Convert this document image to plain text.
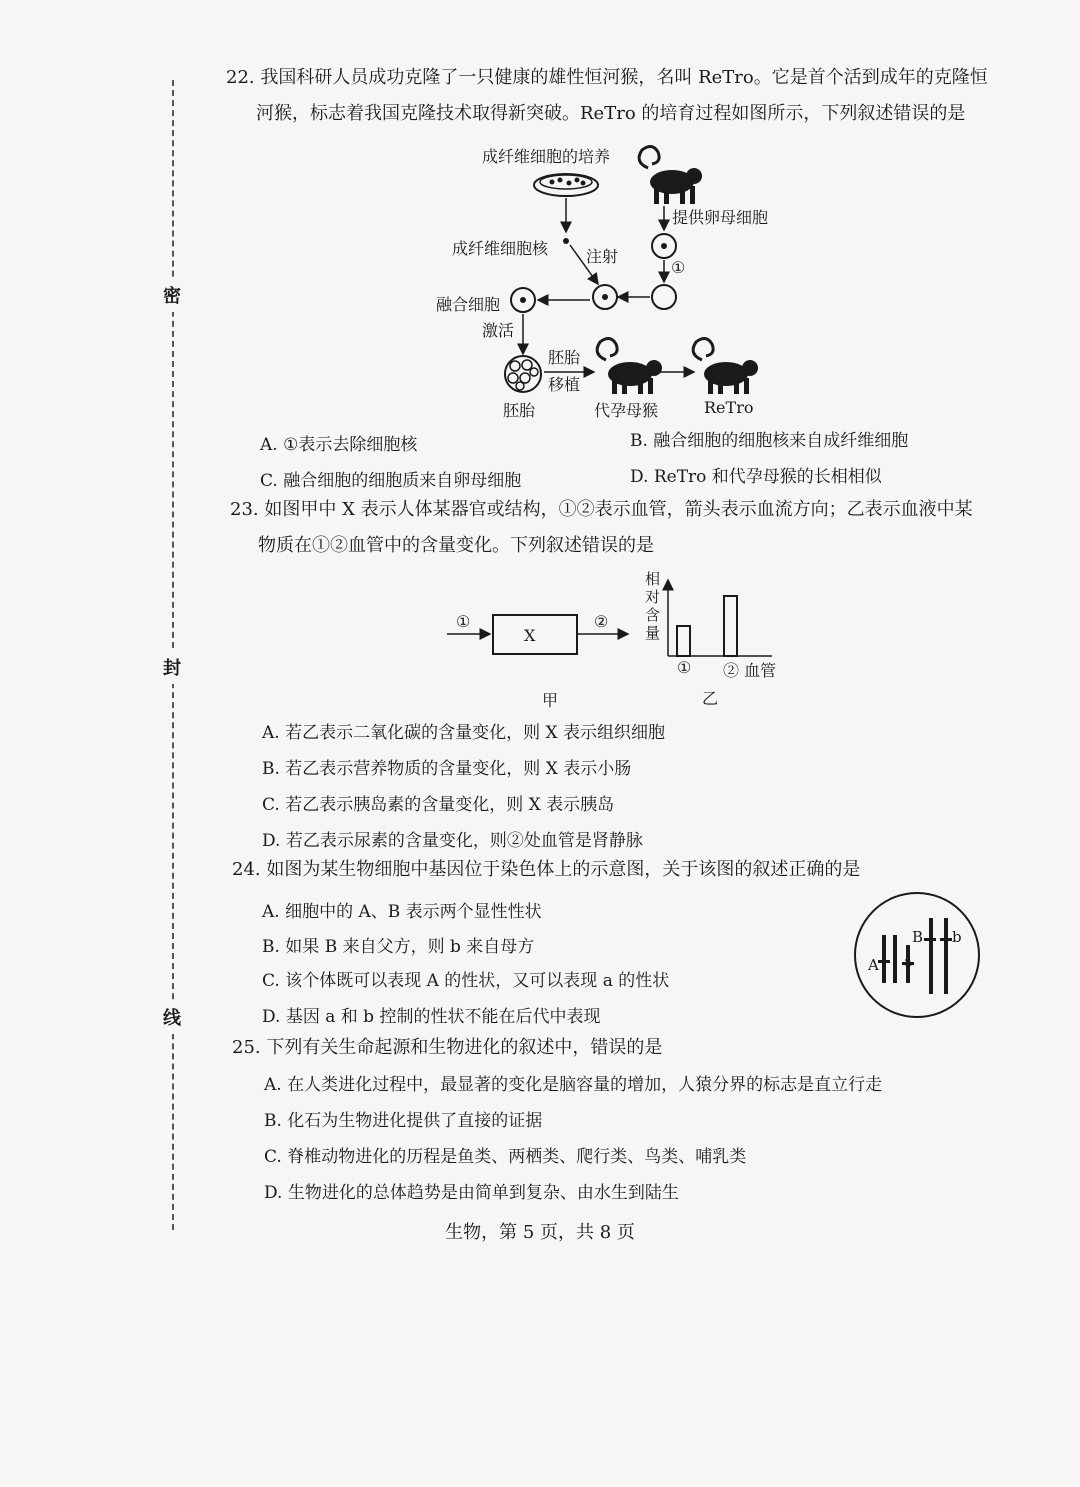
密
封
线
22. 我国科研人员成功克隆了一只健康的雄性恒河猴，名叫 ReTro。它是首个活到成年的克隆恒
河猴，标志着我国克隆技术取得新突破。ReTro 的培育过程如图所示，下列叙述错误的是
成纤维细胞的培养
提供卵母细胞
成纤维细胞核 注射
①
融合细胞
激活
胚胎
移植
胚胎	代孕母猴	ReTro
A. ①表示去除细胞核	B. 融合细胞的细胞核来自成纤维细胞
C. 融合细胞的细胞质来自卵母细胞	D. ReTro 和代孕母猴的长相相似
23. 如图甲中 X 表示人体某器官或结构，①②表示血管，箭头表示血流方向；乙表示血液中某
物质在①②血管中的含量变化。下列叙述错误的是
①
X
②
甲
相
对
含
量
① ② 血管
乙
A. 若乙表示二氧化碳的含量变化，则 X 表示组织细胞
B. 若乙表示营养物质的含量变化，则 X 表示小肠
C. 若乙表示胰岛素的含量变化，则 X 表示胰岛
D. 若乙表示尿素的含量变化，则②处血管是肾静脉
24. 如图为某生物细胞中基因位于染色体上的示意图，关于该图的叙述正确的是
A. 细胞中的 A、B 表示两个显性性状
B. 如果 B 来自父方，则 b 来自母方
C. 该个体既可以表现 A 的性状，又可以表现 a 的性状
D. 基因 a 和 b 控制的性状不能在后代中表现
A a
B b
25. 下列有关生命起源和生物进化的叙述中，错误的是
A. 在人类进化过程中，最显著的变化是脑容量的增加，人猿分界的标志是直立行走
B. 化石为生物进化提供了直接的证据
C. 脊椎动物进化的历程是鱼类、两栖类、爬行类、鸟类、哺乳类
D. 生物进化的总体趋势是由简单到复杂、由水生到陆生
生物，第 5 页，共 8 页
